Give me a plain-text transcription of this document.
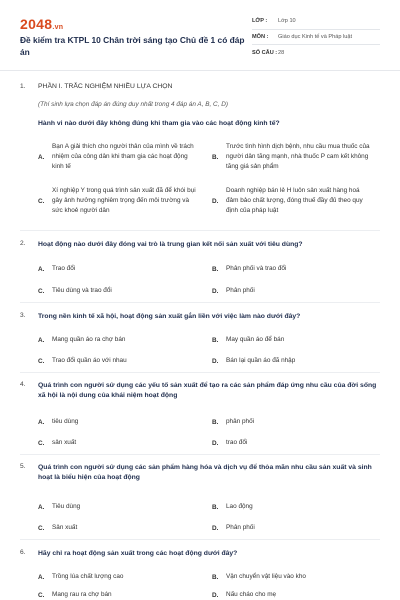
2048.vn
Đề kiểm tra KTPL 10 Chân trời sáng tạo Chủ đề 1 có đáp án
LỚP :	Lớp 10
MÔN :	Giáo dục Kinh tế và Pháp luật
SỐ CÂU : 28
1. PHẦN I. TRẮC NGHIỆM NHIỀU LỰA CHỌN
(Thí sinh lựa chọn đáp án đúng duy nhất trong 4 đáp án A, B, C, D)
Hành vi nào dưới đây không đúng khi tham gia vào các hoạt động kinh tế?
A.
Bạn A giải thích cho người thân của mình về trách nhiệm của công dân khi tham gia các hoạt động kinh tế
B.
Trước tình hình dịch bệnh, nhu cầu mua thuốc của người dân tăng mạnh, nhà thuốc P cam kết không tăng giá sản phẩm
C.
Xí nghiệp Y trong quá trình sản xuất đã để khói bụi gây ảnh hưởng nghiêm trọng đến môi trường và sức khoẻ người dân
D.
Doanh nghiệp bán lẻ H luôn sản xuất hàng hoá đảm bảo chất lượng, đóng thuế đầy đủ theo quy định của pháp luật
2. Hoạt động nào dưới đây đóng vai trò là trung gian kết nối sản xuất với tiêu dùng?
A.	Trao đổi	B.	Phân phối và trao đổi
C.	Tiêu dùng và trao đổi	D.	Phân phối
3. Trong nền kinh tế xã hội, hoạt động sản xuất gắn liền với việc làm nào dưới đây?
A.	Mang quần áo ra chợ bán	B.	May quần áo để bán
C.	Trao đổi quần áo với nhau	D.	Bán lại quần áo đã nhập
4. Quá trình con người sử dụng các yếu tố sản xuất để tạo ra các sản phẩm đáp ứng nhu cầu của đời sống xã hội là nội dung của khái niệm hoạt động
A.	tiêu dùng	B.	phân phối
C.	sản xuất	D.	trao đổi
5. Quá trình con người sử dụng các sản phẩm hàng hóa và dịch vụ để thỏa mãn nhu cầu sản xuất và sinh hoạt là biểu hiện của hoạt động
A.	Tiêu dùng	B.	Lao động
C.	Sản xuất	D.	Phân phối
6. Hãy chỉ ra hoạt động sản xuất trong các hoạt động dưới đây?
A.	Trồng lúa chất lượng cao	B.	Vận chuyển vật liệu vào kho
C.	Mang rau ra chợ bán	D.	Nấu cháo cho mẹ
